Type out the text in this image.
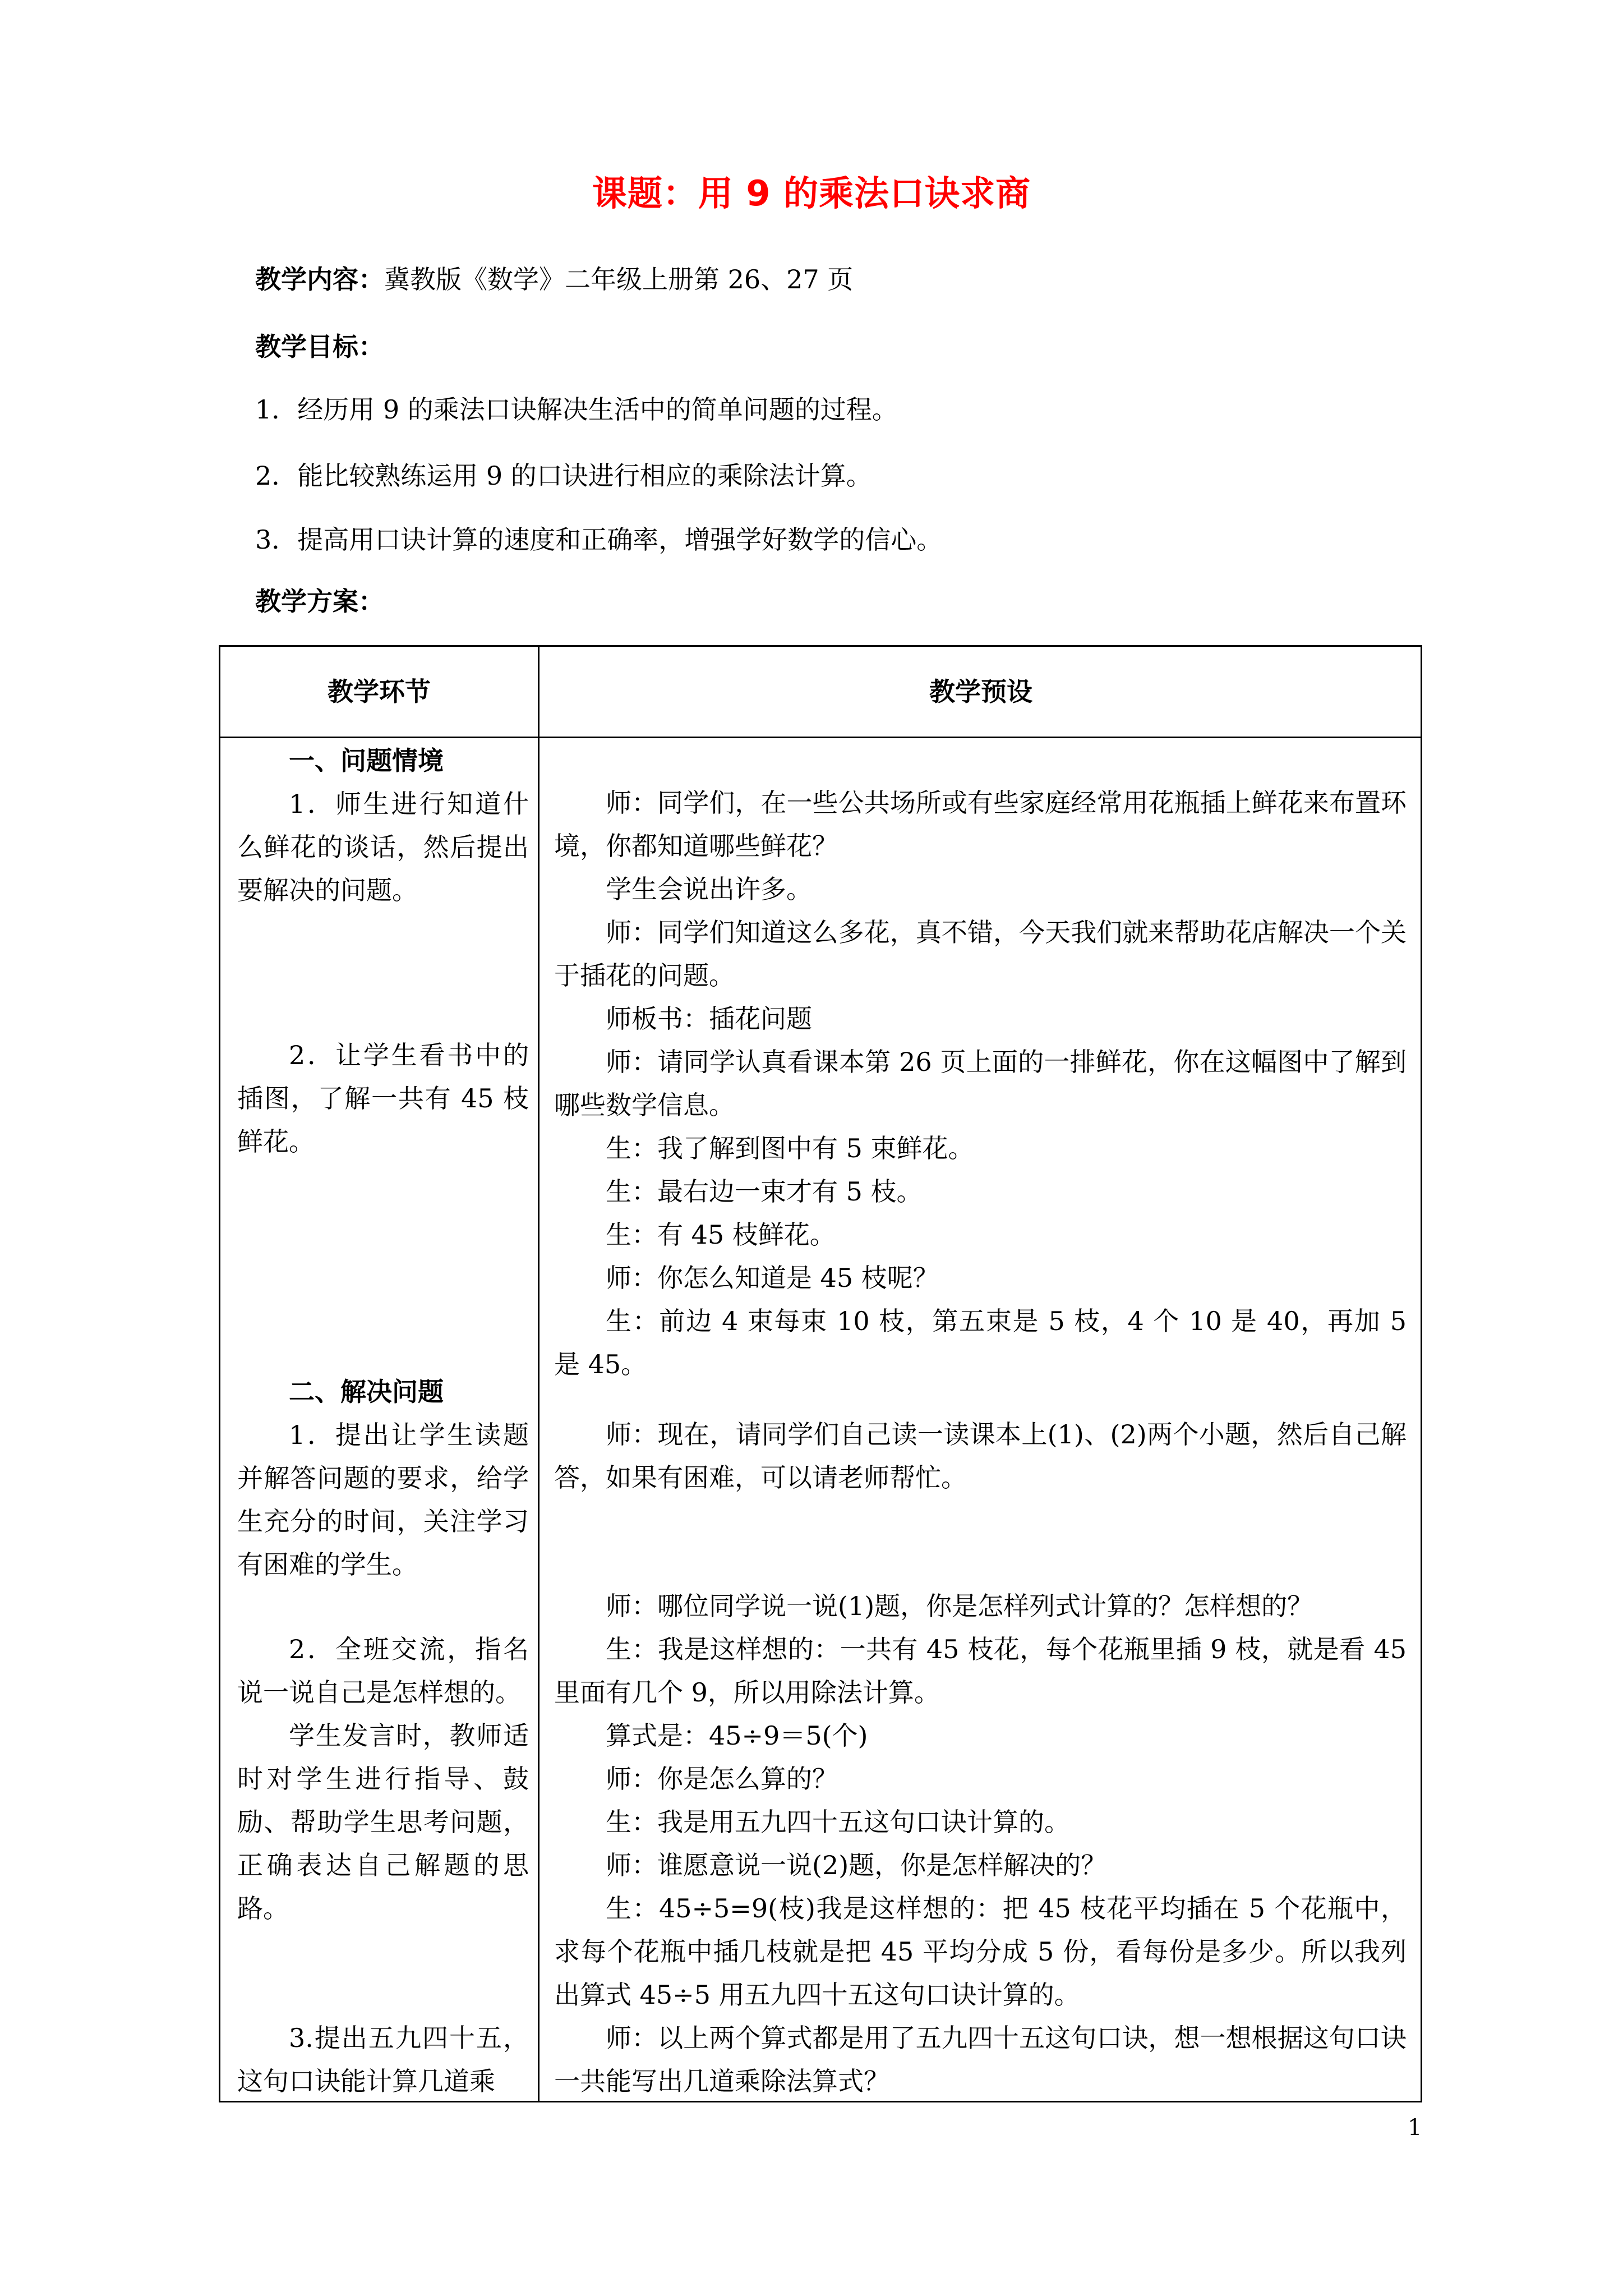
课题：用 9 的乘法口诀求商
教学内容：冀教版《数学》二年级上册第 26、27 页
教学目标：
1．经历用 9 的乘法口诀解决生活中的简单问题的过程。
2．能比较熟练运用 9 的口诀进行相应的乘除法计算。
3．提高用口诀计算的速度和正确率，增强学好数学的信心。
教学方案：
教学环节	教学预设

一、问题情境

1．师生进行知道什么鲜花的谈话，然后提出要解决的问题。

2．让学生看书中的插图，了解一共有 45 枝鲜花。

二、解决问题

1．提出让学生读题并解答问题的要求，给学生充分的时间，关注学习有困难的学生。

2．全班交流，指名说一说自己是怎样想的。

学生发言时，教师适时对学生进行指导、鼓励、帮助学生思考问题，正确表达自己解题的思路。

3.提出五九四十五，这句口诀能计算几道乘

师：同学们，在一些公共场所或有些家庭经常用花瓶插上鲜花来布置环境，你都知道哪些鲜花？

学生会说出许多。

师：同学们知道这么多花，真不错，今天我们就来帮助花店解决一个关于插花的问题。

师板书：插花问题

师：请同学认真看课本第 26 页上面的一排鲜花，你在这幅图中了解到哪些数学信息。

生：我了解到图中有 5 束鲜花。

生：最右边一束才有 5 枝。

生：有 45 枝鲜花。

师：你怎么知道是 45 枝呢？

生：前边 4 束每束 10 枝，第五束是 5 枝，4 个 10 是 40，再加 5 是 45。

师：现在，请同学们自己读一读课本上(1)、(2)两个小题，然后自己解答，如果有困难，可以请老师帮忙。

师：哪位同学说一说(1)题，你是怎样列式计算的？怎样想的？

生：我是这样想的：一共有 45 枝花，每个花瓶里插 9 枝，就是看 45 里面有几个 9，所以用除法计算。

算式是：45÷9＝5(个)

师：你是怎么算的？

生：我是用五九四十五这句口诀计算的。

师：谁愿意说一说(2)题，你是怎样解决的？

生：45÷5=9(枝)我是这样想的：把 45 枝花平均插在 5 个花瓶中，求每个花瓶中插几枝就是把 45 平均分成 5 份，看每份是多少。所以我列出算式 45÷5 用五九四十五这句口诀计算的。

师：以上两个算式都是用了五九四十五这句口诀，想一想根据这句口诀一共能写出几道乘除法算式？

1
